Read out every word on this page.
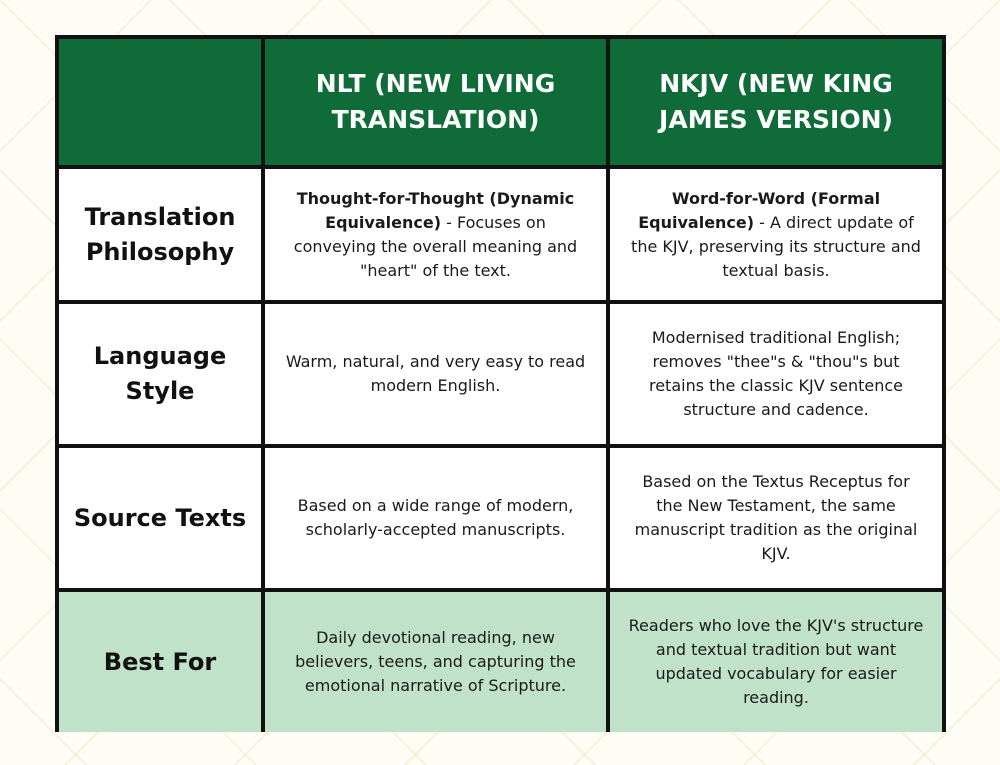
NLT (NEW LIVING TRANSLATION)
NKJV (NEW KING JAMES VERSION)
Translation Philosophy
Thought-for-Thought (Dynamic Equivalence) - Focuses on conveying the overall meaning and "heart" of the text.
Word-for-Word (Formal Equivalence) - A direct update of the KJV, preserving its structure and textual basis.
Language Style
Warm, natural, and very easy to read modern English.
Modernised traditional English; removes "thee"s & "thou"s but retains the classic KJV sentence structure and cadence.
Source Texts	Based on a wide range of modern, scholarly-accepted manuscripts.
Based on the Textus Receptus for the New Testament, the same manuscript tradition as the original KJV.
Best For
Daily devotional reading, new believers, teens, and capturing the emotional narrative of Scripture.
Readers who love the KJV's structure and textual tradition but want updated vocabulary for easier reading.
